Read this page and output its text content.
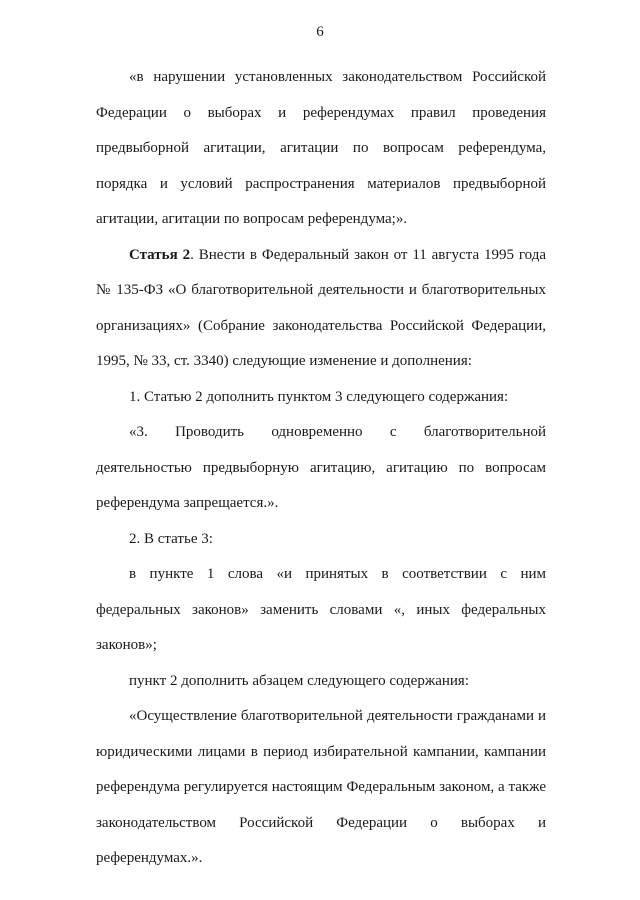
6

«в нарушении установленных законодательством Российской Федерации о выборах и референдумах правил проведения предвыборной агитации, агитации по вопросам референдума, порядка и условий распространения материалов предвыборной агитации, агитации по вопросам референдума;».

Статья 2. Внести в Федеральный закон от 11 августа 1995 года № 135-ФЗ «О благотворительной деятельности и благотворительных организациях» (Собрание законодательства Российской Федерации, 1995, № 33, ст. 3340) следующие изменение и дополнения:

1. Статью 2 дополнить пунктом 3 следующего содержания:

«3. Проводить одновременно с благотворительной деятельностью предвыборную агитацию, агитацию по вопросам референдума запрещается.».

2. В статье 3:

в пункте 1 слова «и принятых в соответствии с ним федеральных законов» заменить словами «, иных федеральных законов»;

пункт 2 дополнить абзацем следующего содержания:

«Осуществление благотворительной деятельности гражданами и юридическими лицами в период избирательной кампании, кампании референдума регулируется настоящим Федеральным законом, а также законодательством Российской Федерации о выборах и референдумах.».
